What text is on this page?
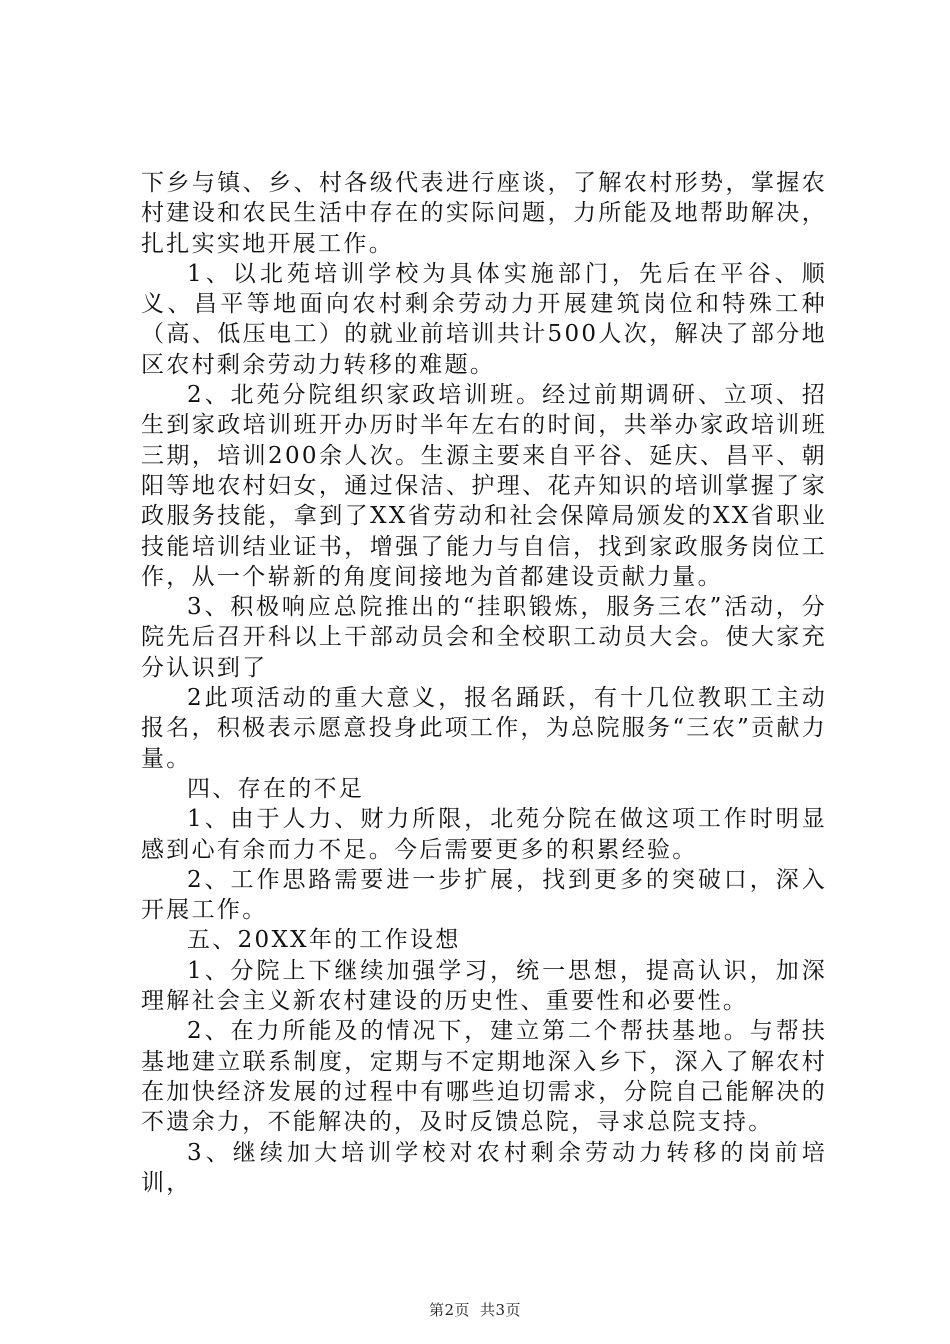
下乡与镇、乡、村各级代表进行座谈，了解农村形势，掌握农村建设和农民生活中存在的实际问题，力所能及地帮助解决，扎扎实实地开展工作。

1、以北苑培训学校为具体实施部门，先后在平谷、顺义、昌平等地面向农村剩余劳动力开展建筑岗位和特殊工种（高、低压电工）的就业前培训共计500人次，解决了部分地区农村剩余劳动力转移的难题。

2、北苑分院组织家政培训班。经过前期调研、立项、招生到家政培训班开办历时半年左右的时间，共举办家政培训班三期，培训200余人次。生源主要来自平谷、延庆、昌平、朝阳等地农村妇女，通过保洁、护理、花卉知识的培训掌握了家政服务技能，拿到了XX省劳动和社会保障局颁发的XX省职业技能培训结业证书，增强了能力与自信，找到家政服务岗位工作，从一个崭新的角度间接地为首都建设贡献力量。

3、积极响应总院推出的“挂职锻炼，服务三农”活动，分院先后召开科以上干部动员会和全校职工动员大会。使大家充分认识到了

2此项活动的重大意义，报名踊跃，有十几位教职工主动报名，积极表示愿意投身此项工作，为总院服务“三农”贡献力量。

四、存在的不足

1、由于人力、财力所限，北苑分院在做这项工作时明显感到心有余而力不足。今后需要更多的积累经验。

2、工作思路需要进一步扩展，找到更多的突破口，深入开展工作。

五、20XX年的工作设想

1、分院上下继续加强学习，统一思想，提高认识，加深理解社会主义新农村建设的历史性、重要性和必要性。

2、在力所能及的情况下，建立第二个帮扶基地。与帮扶基地建立联系制度，定期与不定期地深入乡下，深入了解农村在加快经济发展的过程中有哪些迫切需求，分院自己能解决的不遗余力，不能解决的，及时反馈总院，寻求总院支持。

3、继续加大培训学校对农村剩余劳动力转移的岗前培训，

第2页 共3页
